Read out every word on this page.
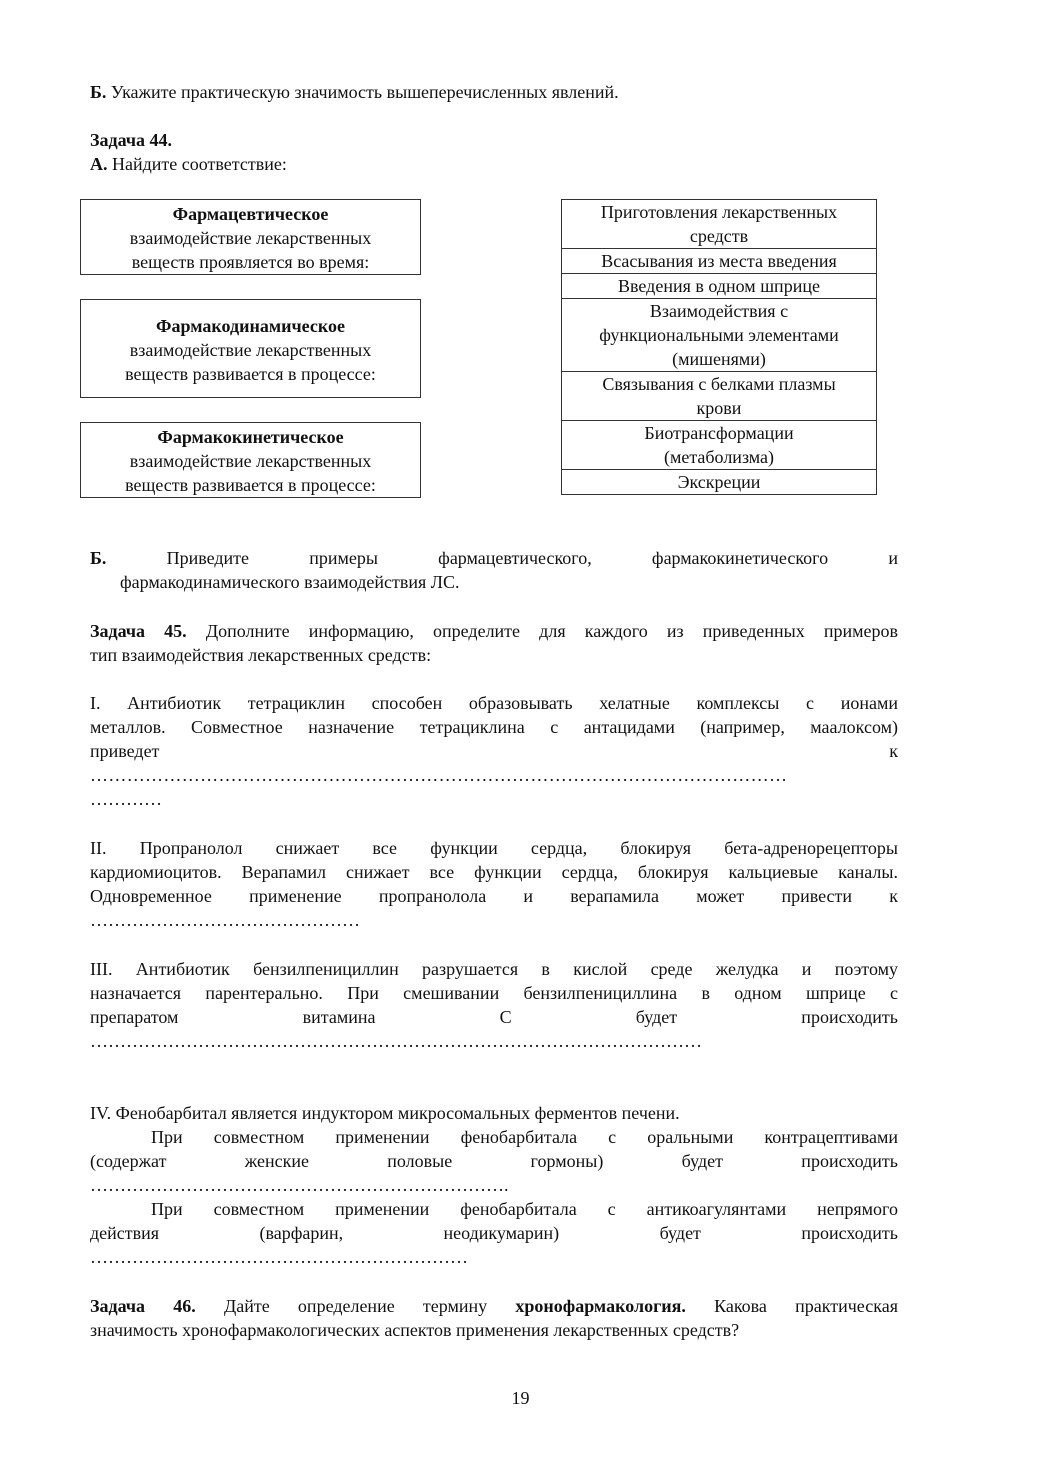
Б. Укажите практическую значимость вышеперечисленных явлений.
Задача 44.
А. Найдите соответствие:
Фармацевтическое
взаимодействие лекарственных
веществ проявляется во время:
Фармакодинамическое
взаимодействие лекарственных
веществ развивается в процессе:
Фармакокинетическое
взаимодействие лекарственных
веществ развивается в процессе:
Приготовления лекарственных
средств
Всасывания из места введения
Введения в одном шприце
Взаимодействия с
функциональными элементами
(мишенями)
Связывания с белками плазмы
крови
Биотрансформации
(метаболизма)
Экскреции
Б.	Приведите	примеры	фармацевтического,	фармакокинетического	и
фармакодинамического взаимодействия ЛС.
Задача 45. Дополните информацию, определите для каждого из приведенных примеров
тип взаимодействия лекарственных средств:
I. Антибиотик тетрациклин способен образовывать хелатные комплексы с ионами
металлов. Совместное назначение тетрациклина с антацидами (например, маалоксом)
приведет	к
……………………………………………………………………………………………………
…………
II. Пропранолол снижает все функции сердца, блокируя бета-адренорецепторы
кардиомиоцитов. Верапамил снижает все функции сердца, блокируя кальциевые каналы.
Одновременное применение пропранолола и верапамила может привести к
………………………………………
III. Антибиотик бензилпенициллин разрушается в кислой среде желудка и поэтому
назначается парентерально. При смешивании бензилпенициллина в одном шприце с
препаратом витамина С будет происходить
…………………………………………………………………………………………
IV. Фенобарбитал является индуктором микросомальных ферментов печени.
При совместном применении фенобарбитала с оральными контрацептивами
(содержат женские половые гормоны) будет происходить
…………………………………………………………….
При совместном применении фенобарбитала с антикоагулянтами непрямого
действия (варфарин, неодикумарин) будет происходить
………………………………………………………
Задача 46. Дайте определение термину хронофармакология. Какова практическая
значимость хронофармакологических аспектов применения лекарственных средств?
19
